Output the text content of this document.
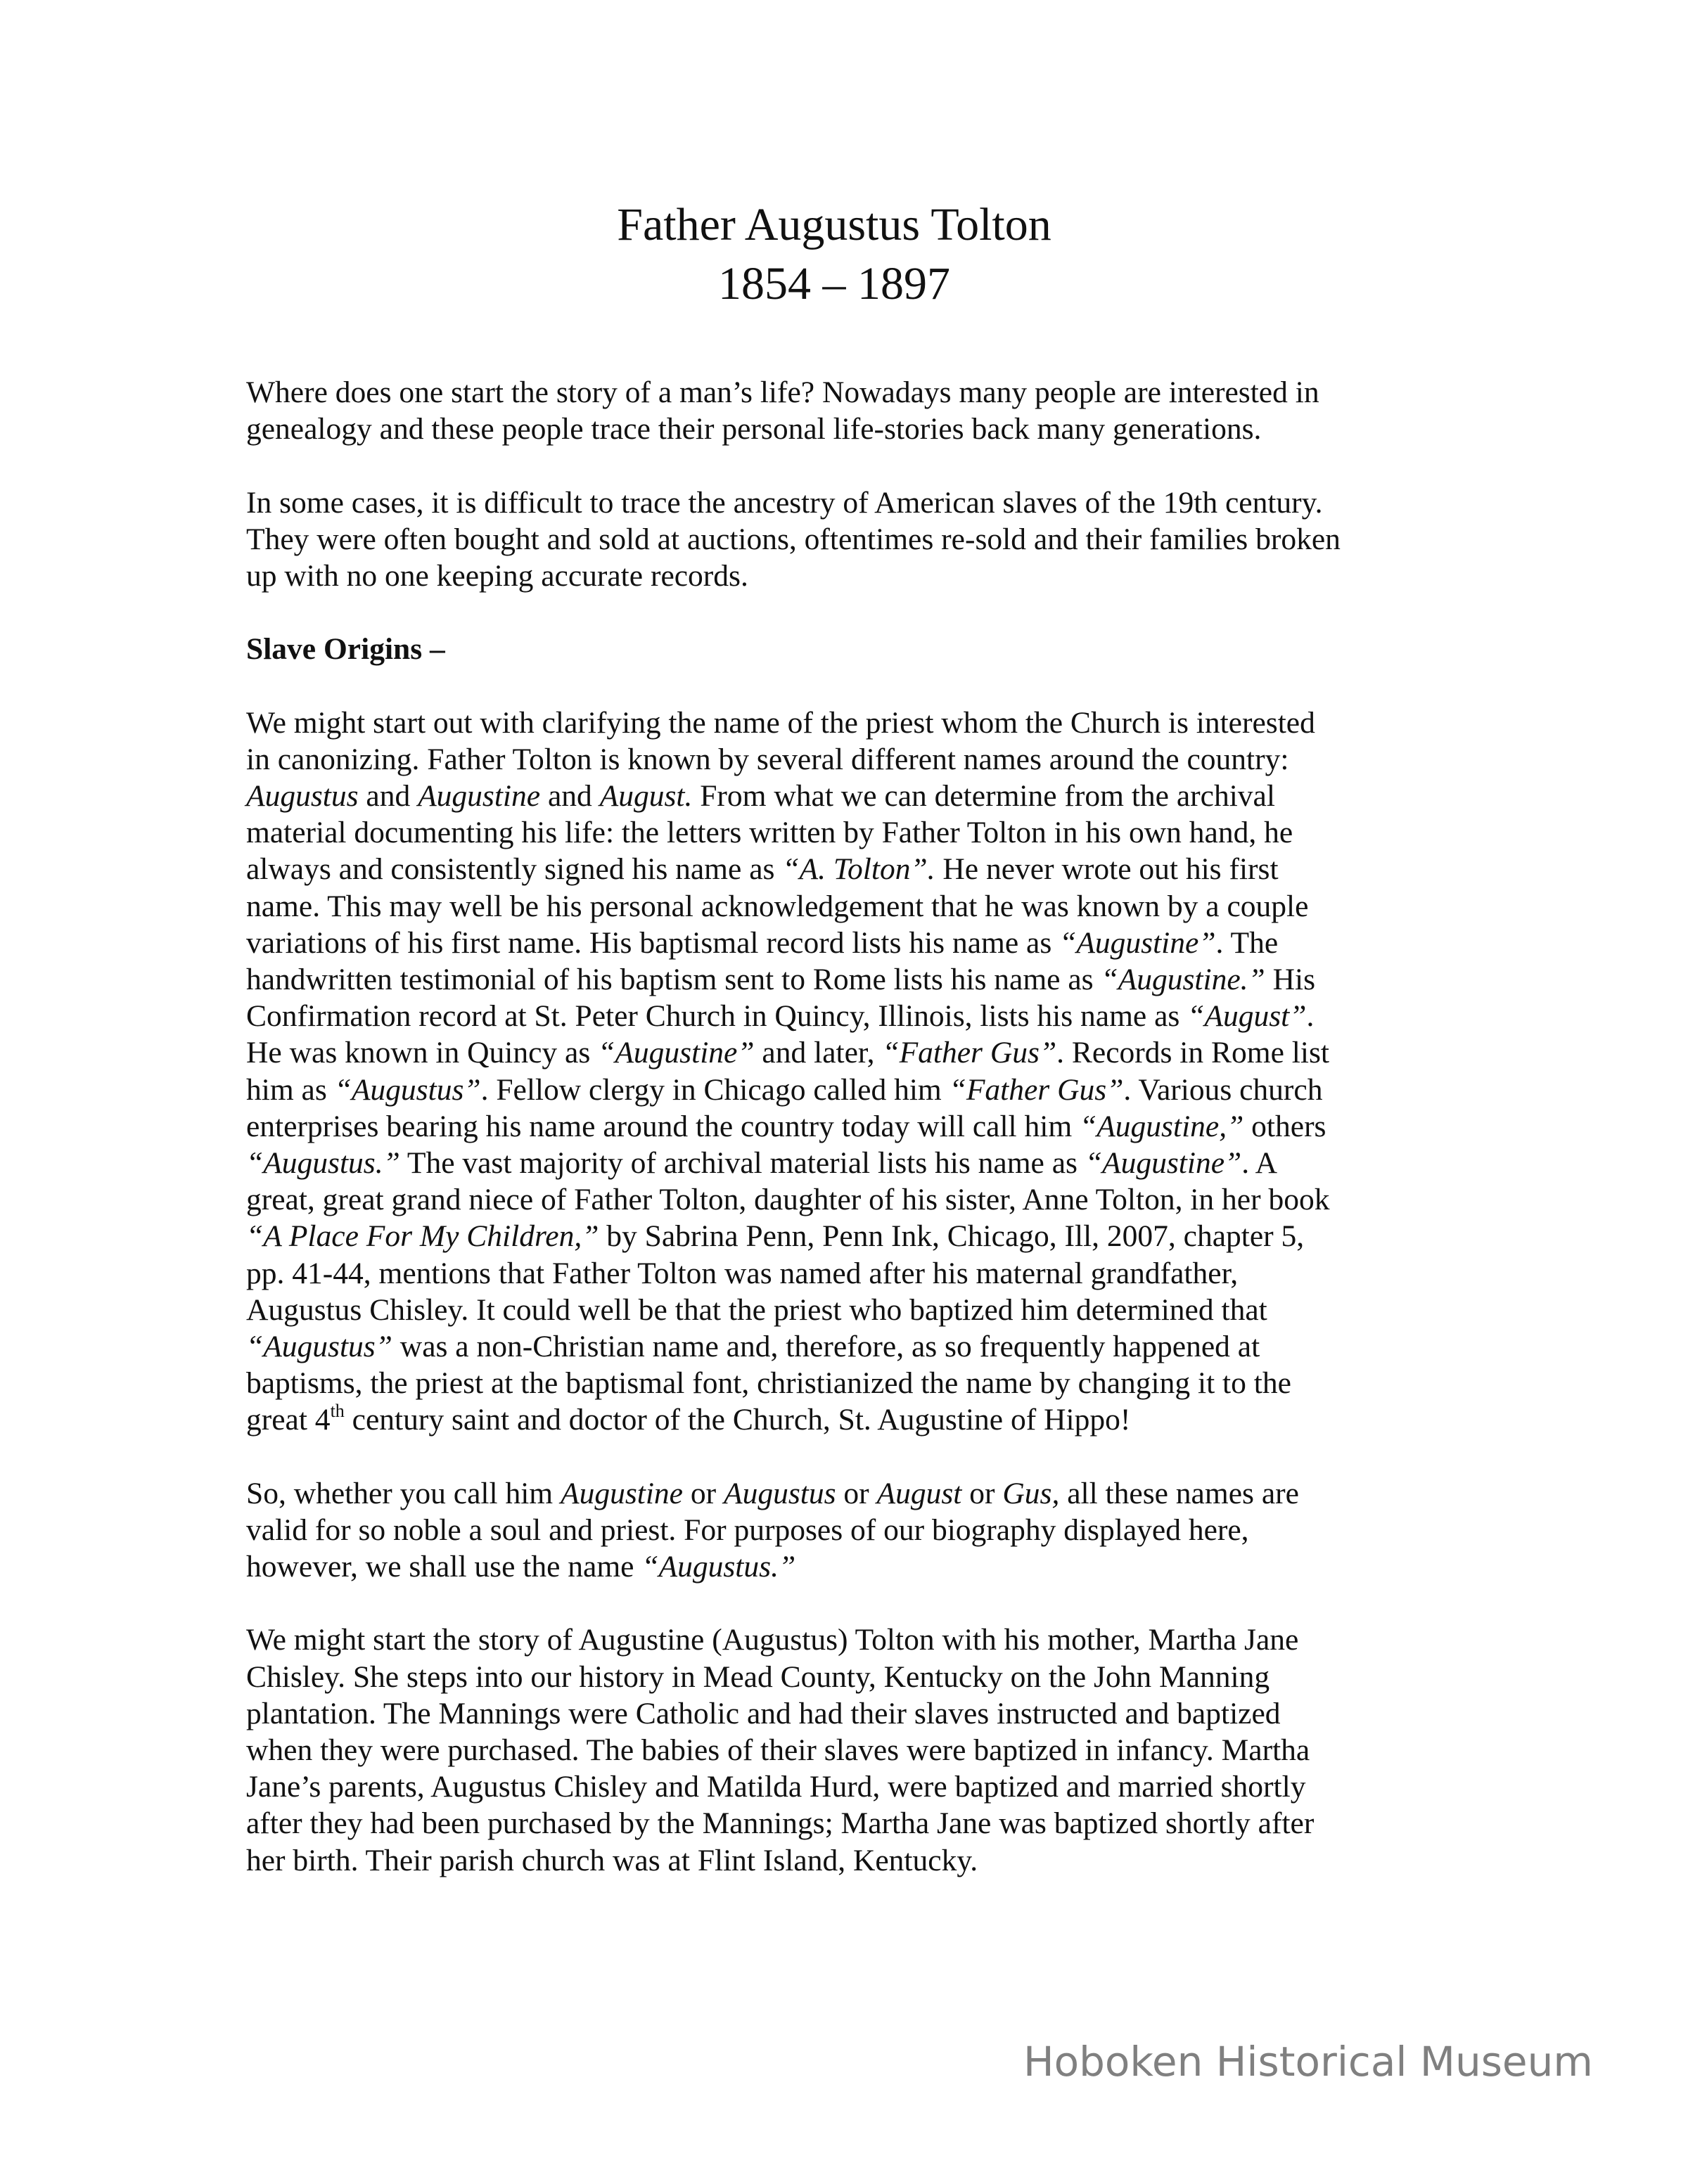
Father Augustus Tolton
1854 – 1897
Where does one start the story of a man’s life? Nowadays many people are interested in
genealogy and these people trace their personal life-stories back many generations.
In some cases, it is difficult to trace the ancestry of American slaves of the 19th century.
They were often bought and sold at auctions, oftentimes re-sold and their families broken
up with no one keeping accurate records.
Slave Origins –
We might start out with clarifying the name of the priest whom the Church is interested
in canonizing. Father Tolton is known by several different names around the country:
Augustus and Augustine and August. From what we can determine from the archival
material documenting his life: the letters written by Father Tolton in his own hand, he
always and consistently signed his name as “A. Tolton”. He never wrote out his first
name. This may well be his personal acknowledgement that he was known by a couple
variations of his first name. His baptismal record lists his name as “Augustine”. The
handwritten testimonial of his baptism sent to Rome lists his name as “Augustine.” His
Confirmation record at St. Peter Church in Quincy, Illinois, lists his name as “August”.
He was known in Quincy as “Augustine” and later, “Father Gus”. Records in Rome list
him as “Augustus”. Fellow clergy in Chicago called him “Father Gus”. Various church
enterprises bearing his name around the country today will call him “Augustine,” others
“Augustus.” The vast majority of archival material lists his name as “Augustine”. A
great, great grand niece of Father Tolton, daughter of his sister, Anne Tolton, in her book
“A Place For My Children,” by Sabrina Penn, Penn Ink, Chicago, Ill, 2007, chapter 5,
pp. 41-44, mentions that Father Tolton was named after his maternal grandfather,
Augustus Chisley. It could well be that the priest who baptized him determined that
“Augustus” was a non-Christian name and, therefore, as so frequently happened at
baptisms, the priest at the baptismal font, christianized the name by changing it to the
great 4th century saint and doctor of the Church, St. Augustine of Hippo!
So, whether you call him Augustine or Augustus or August or Gus, all these names are
valid for so noble a soul and priest. For purposes of our biography displayed here,
however, we shall use the name “Augustus.”
We might start the story of Augustine (Augustus) Tolton with his mother, Martha Jane
Chisley. She steps into our history in Mead County, Kentucky on the John Manning
plantation. The Mannings were Catholic and had their slaves instructed and baptized
when they were purchased. The babies of their slaves were baptized in infancy. Martha
Jane’s parents, Augustus Chisley and Matilda Hurd, were baptized and married shortly
after they had been purchased by the Mannings; Martha Jane was baptized shortly after
her birth. Their parish church was at Flint Island, Kentucky.
Hoboken Historical Museum
